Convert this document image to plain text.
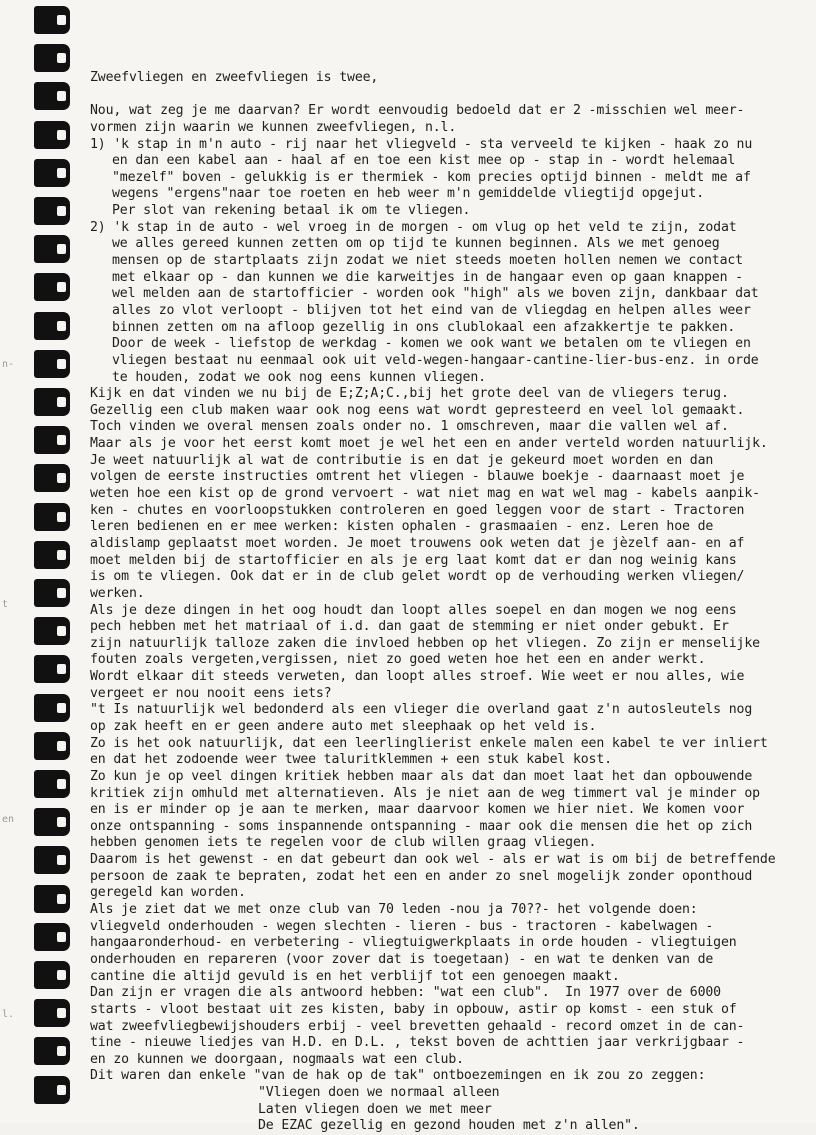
n-
t
en
l.
Zweefvliegen en zweefvliegen is twee,
Nou, wat zeg je me daarvan? Er wordt eenvoudig bedoeld dat er 2 -misschien wel meer-
vormen zijn waarin we kunnen zweefvliegen, n.l.
1) 'k stap in m'n auto - rij naar het vliegveld - sta verveeld te kijken - haak zo nu
en dan een kabel aan - haal af en toe een kist mee op - stap in - wordt helemaal
"mezelf" boven - gelukkig is er thermiek - kom precies optijd binnen - meldt me af
wegens "ergens"naar toe roeten en heb weer m'n gemiddelde vliegtijd opgejut.
Per slot van rekening betaal ik om te vliegen.
2) 'k stap in de auto - wel vroeg in de morgen - om vlug op het veld te zijn, zodat
we alles gereed kunnen zetten om op tijd te kunnen beginnen. Als we met genoeg
mensen op de startplaats zijn zodat we niet steeds moeten hollen nemen we contact
met elkaar op - dan kunnen we die karweitjes in de hangaar even op gaan knappen -
wel melden aan de startofficier - worden ook "high" als we boven zijn, dankbaar dat
alles zo vlot verloopt - blijven tot het eind van de vliegdag en helpen alles weer
binnen zetten om na afloop gezellig in ons clublokaal een afzakkertje te pakken.
Door de week - liefstop de werkdag - komen we ook want we betalen om te vliegen en
vliegen bestaat nu eenmaal ook uit veld-wegen-hangaar-cantine-lier-bus-enz. in orde
te houden, zodat we ook nog eens kunnen vliegen.
Kijk en dat vinden we nu bij de E;Z;A;C.,bij het grote deel van de vliegers terug.
Gezellig een club maken waar ook nog eens wat wordt gepresteerd en veel lol gemaakt.
Toch vinden we overal mensen zoals onder no. 1 omschreven, maar die vallen wel af.
Maar als je voor het eerst komt moet je wel het een en ander verteld worden natuurlijk.
Je weet natuurlijk al wat de contributie is en dat je gekeurd moet worden en dan
volgen de eerste instructies omtrent het vliegen - blauwe boekje - daarnaast moet je
weten hoe een kist op de grond vervoert - wat niet mag en wat wel mag - kabels aanpik-
ken - chutes en voorloopstukken controleren en goed leggen voor de start - Tractoren
leren bedienen en er mee werken: kisten ophalen - grasmaaien - enz. Leren hoe de
aldislamp geplaatst moet worden. Je moet trouwens ook weten dat je jèzelf aan- en af
moet melden bij de startofficier en als je erg laat komt dat er dan nog weinig kans
is om te vliegen. Ook dat er in de club gelet wordt op de verhouding werken vliegen/
werken.
Als je deze dingen in het oog houdt dan loopt alles soepel en dan mogen we nog eens
pech hebben met het matriaal of i.d. dan gaat de stemming er niet onder gebukt. Er
zijn natuurlijk talloze zaken die invloed hebben op het vliegen. Zo zijn er menselijke
fouten zoals vergeten,vergissen, niet zo goed weten hoe het een en ander werkt.
Wordt elkaar dit steeds verweten, dan loopt alles stroef. Wie weet er nou alles, wie
vergeet er nou nooit eens iets?
"t Is natuurlijk wel bedonderd als een vlieger die overland gaat z'n autosleutels nog
op zak heeft en er geen andere auto met sleephaak op het veld is.
Zo is het ook natuurlijk, dat een leerlinglierist enkele malen een kabel te ver inliert
en dat het zodoende weer twee taluritklemmen + een stuk kabel kost.
Zo kun je op veel dingen kritiek hebben maar als dat dan moet laat het dan opbouwende
kritiek zijn omhuld met alternatieven. Als je niet aan de weg timmert val je minder op
en is er minder op je aan te merken, maar daarvoor komen we hier niet. We komen voor
onze ontspanning - soms inspannende ontspanning - maar ook die mensen die het op zich
hebben genomen iets te regelen voor de club willen graag vliegen.
Daarom is het gewenst - en dat gebeurt dan ook wel - als er wat is om bij de betreffende
persoon de zaak te bepraten, zodat het een en ander zo snel mogelijk zonder oponthoud
geregeld kan worden.
Als je ziet dat we met onze club van 70 leden -nou ja 70??- het volgende doen:
vliegveld onderhouden - wegen slechten - lieren - bus - tractoren - kabelwagen -
hangaaronderhoud- en verbetering - vliegtuigwerkplaats in orde houden - vliegtuigen
onderhouden en repareren (voor zover dat is toegetaan) - en wat te denken van de
cantine die altijd gevuld is en het verblijf tot een genoegen maakt.
Dan zijn er vragen die als antwoord hebben: "wat een club".  In 1977 over de 6000
starts - vloot bestaat uit zes kisten, baby in opbouw, astir op komst - een stuk of
wat zweefvliegbewijshouders erbij - veel brevetten gehaald - record omzet in de can-
tine - nieuwe liedjes van H.D. en D.L. , tekst boven de achttien jaar verkrijgbaar -
en zo kunnen we doorgaan, nogmaals wat een club.
Dit waren dan enkele "van de hak op de tak" ontboezemingen en ik zou zo zeggen:
"Vliegen doen we normaal alleen
Laten vliegen doen we met meer
De EZAC gezellig en gezond houden met z'n allen".
